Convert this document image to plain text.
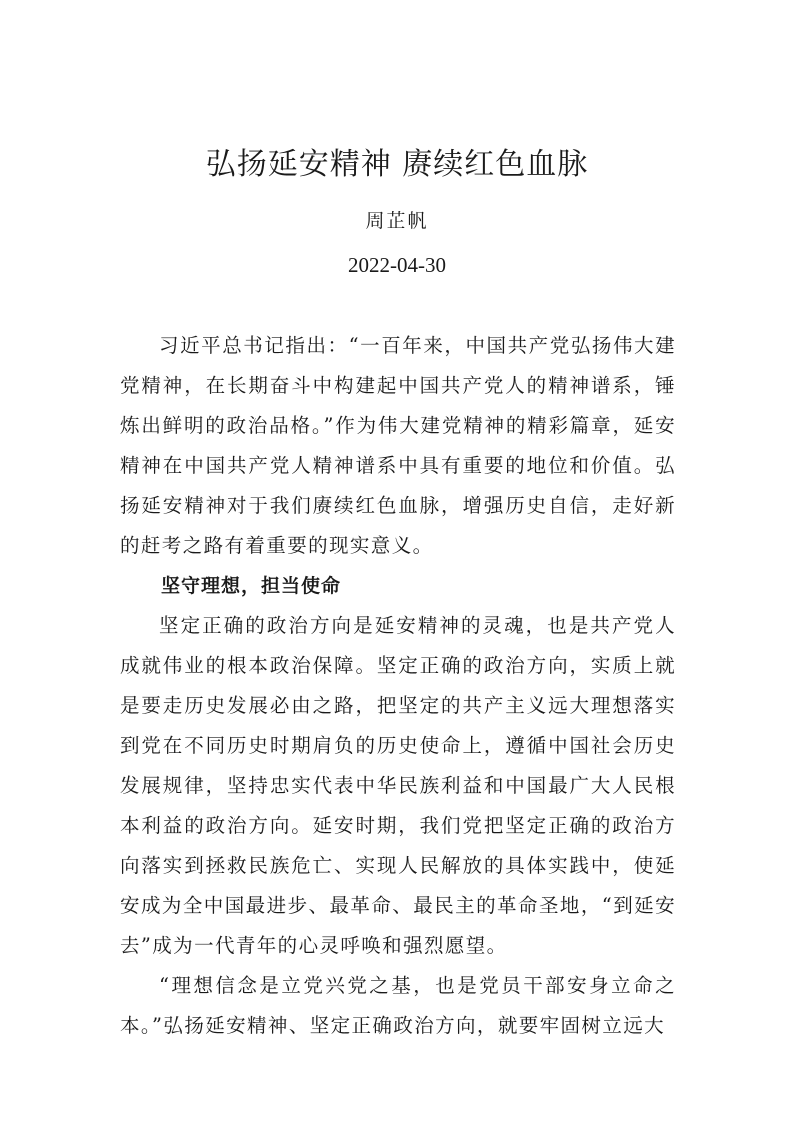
弘扬延安精神 赓续红色血脉
周芷帆
2022-04-30

习近平总书记指出：“一百年来，中国共产党弘扬伟大建党精神，在长期奋斗中构建起中国共产党人的精神谱系，锤炼出鲜明的政治品格。”作为伟大建党精神的精彩篇章，延安精神在中国共产党人精神谱系中具有重要的地位和价值。弘扬延安精神对于我们赓续红色血脉，增强历史自信，走好新的赶考之路有着重要的现实意义。

坚守理想，担当使命

坚定正确的政治方向是延安精神的灵魂，也是共产党人成就伟业的根本政治保障。坚定正确的政治方向，实质上就是要走历史发展必由之路，把坚定的共产主义远大理想落实到党在不同历史时期肩负的历史使命上，遵循中国社会历史发展规律，坚持忠实代表中华民族利益和中国最广大人民根本利益的政治方向。延安时期，我们党把坚定正确的政治方向落实到拯救民族危亡、实现人民解放的具体实践中，使延安成为全中国最进步、最革命、最民主的革命圣地，“到延安去”成为一代青年的心灵呼唤和强烈愿望。

“理想信念是立党兴党之基，也是党员干部安身立命之本。”弘扬延安精神、坚定正确政治方向，就要牢固树立远大
